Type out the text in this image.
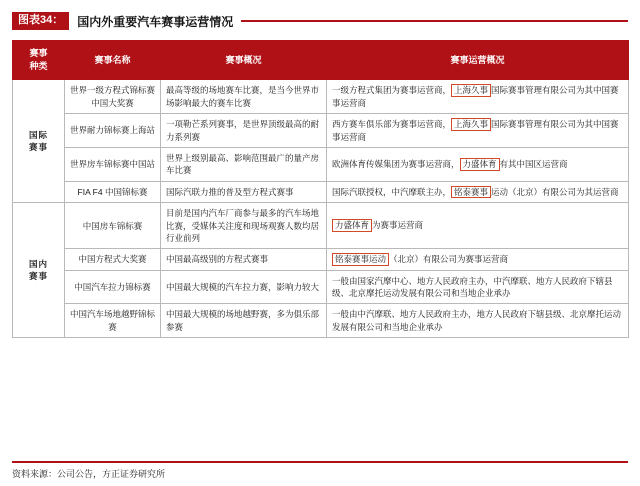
图表34：	国内外重要汽车赛事运营情况
赛事
种类	赛事名称	赛事概况	赛事运营概况

国际
赛事	世界一级方程式锦标赛中国大奖赛	最高等级的场地赛车比赛，是当今世界市场影响最大的赛车比赛	一级方程式集团为赛事运营商， 上海久事 国际赛事管理有限公司为其中国赛事运营商
	世界耐力锦标赛上海站	一项勒芒系列赛事，是世界顶级最高的耐力系列赛	西方赛车俱乐部为赛事运营商， 上海久事 国际赛事管理有限公司为其中国赛事运营商
	世界房车锦标赛中国站	世界上级别最高、影响范围最广的量产房车比赛	欧洲体育传媒集团为赛事运营商， 力盛体育 有其中国区运营商
	FIA F4 中国锦标赛	国际汽联力推的普及型方程式赛事	国际汽联授权，中汽摩联主办， 铭泰赛事 运动（北京）有限公司为其运营商

国内
赛事	中国房车锦标赛	目前是国内汽车厂商参与最多的汽车场地比赛，受媒体关注度和现场观赛人数均居行业前列	力盛体育 为赛事运营商
	中国方程式大奖赛	中国最高级别的方程式赛事	铭泰赛事运动 （北京）有限公司为赛事运营商
	中国汽车拉力锦标赛	中国最大规模的汽车拉力赛，影响力较大	一般由国家汽摩中心、地方人民政府主办，中汽摩联、地方人民政府下辖县级、北京摩托运动发展有限公司和当地企业承办
	中国汽车场地越野锦标赛	中国最大规模的场地越野赛，多为俱乐部参赛	一般由中汽摩联、地方人民政府主办，地方人民政府下辖县级、北京摩托运动发展有限公司和当地企业承办
资料来源：公司公告，方正证券研究所
